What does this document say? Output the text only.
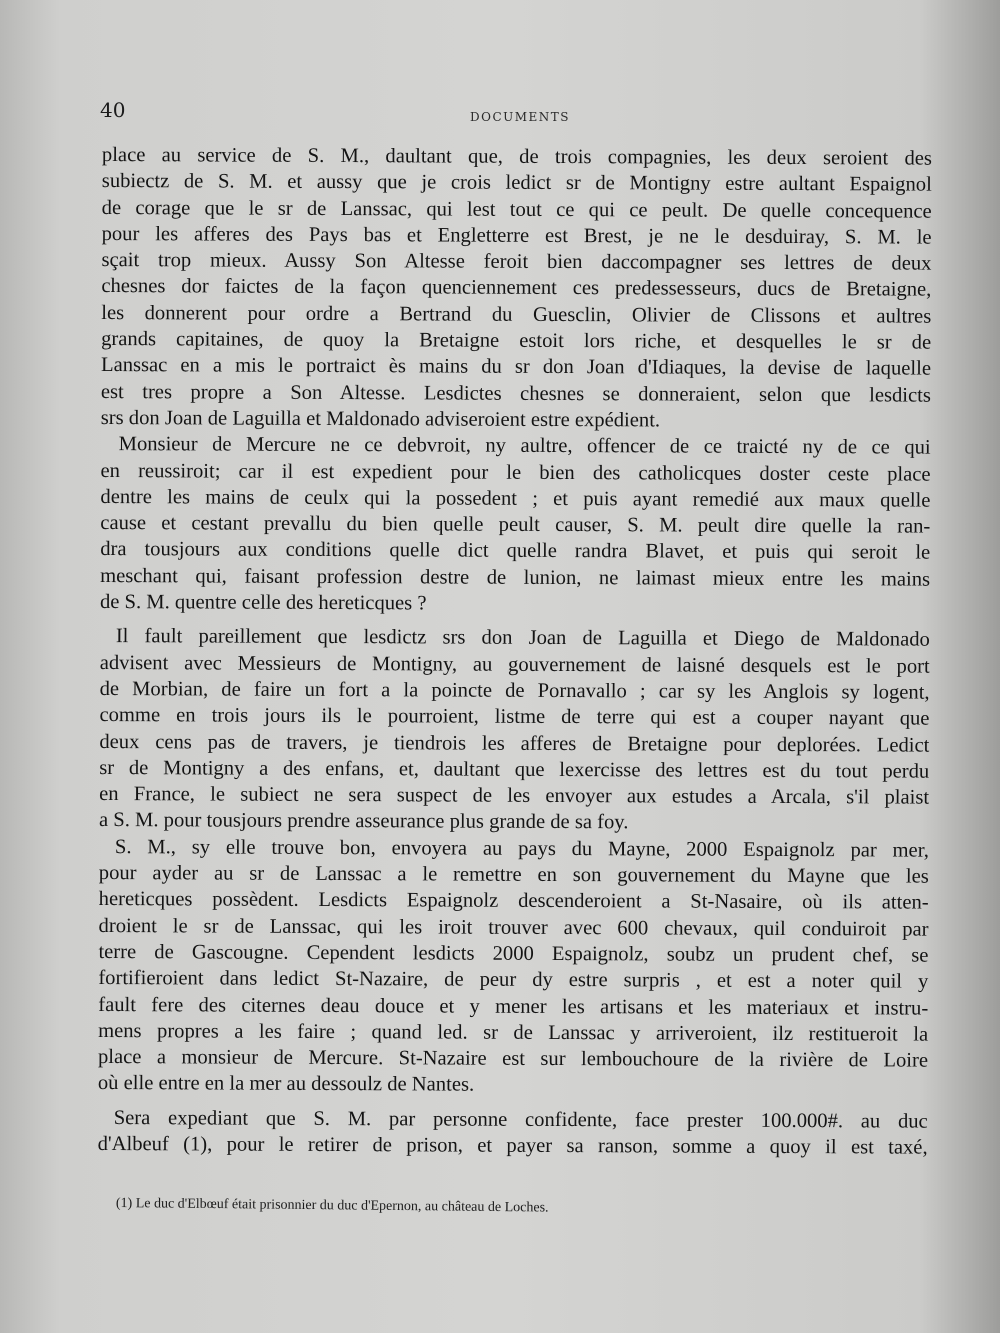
40	DOCUMENTS
place au service de S. M., daultant que, de trois compagnies, les deux seroient des
subiectz de S. M. et aussy que je crois ledict sr de Montigny estre aultant Espaignol
de corage que le sr de Lanssac, qui lest tout ce qui ce peult. De quelle concequence
pour les afferes des Pays bas et Engletterre est Brest, je ne le desduiray, S. M. le
sçait trop mieux. Aussy Son Altesse feroit bien daccompagner ses lettres de deux
chesnes dor faictes de la façon quenciennement ces predessesseurs, ducs de Bretaigne,
les donnerent pour ordre a Bertrand du Guesclin, Olivier de Clissons et aultres
grands capitaines, de quoy la Bretaigne estoit lors riche, et desquelles le sr de
Lanssac en a mis le portraict ès mains du sr don Joan d'Idiaques, la devise de laquelle
est tres propre a Son Altesse. Lesdictes chesnes se donneraient, selon que lesdicts
srs don Joan de Laguilla et Maldonado adviseroient estre expédient.
Monsieur de Mercure ne ce debvroit, ny aultre, offencer de ce traicté ny de ce qui
en reussiroit; car il est expedient pour le bien des catholicques doster ceste place
dentre les mains de ceulx qui la possedent ; et puis ayant remedié aux maux quelle
cause et cestant prevallu du bien quelle peult causer, S. M. peult dire quelle la ran-
dra tousjours aux conditions quelle dict quelle randra Blavet, et puis qui seroit le
meschant qui, faisant profession destre de lunion, ne laimast mieux entre les mains
de S. M. quentre celle des hereticques ?
Il fault pareillement que lesdictz srs don Joan de Laguilla et Diego de Maldonado
advisent avec Messieurs de Montigny, au gouvernement de laisné desquels est le port
de Morbian, de faire un fort a la poincte de Pornavallo ; car sy les Anglois sy logent,
comme en trois jours ils le pourroient, listme de terre qui est a couper nayant que
deux cens pas de travers, je tiendrois les afferes de Bretaigne pour deplorées. Ledict
sr de Montigny a des enfans, et, daultant que lexercisse des lettres est du tout perdu
en France, le subiect ne sera suspect de les envoyer aux estudes a Arcala, s'il plaist
a S. M. pour tousjours prendre asseurance plus grande de sa foy.
S. M., sy elle trouve bon, envoyera au pays du Mayne, 2000 Espaignolz par mer,
pour ayder au sr de Lanssac a le remettre en son gouvernement du Mayne que les
hereticques possèdent. Lesdicts Espaignolz descenderoient a St-Nasaire, où ils atten-
droient le sr de Lanssac, qui les iroit trouver avec 600 chevaux, quil conduiroit par
terre de Gascougne. Cependent lesdicts 2000 Espaignolz, soubz un prudent chef, se
fortifieroient dans ledict St-Nazaire, de peur dy estre surpris , et est a noter quil y
fault fere des citernes deau douce et y mener les artisans et les materiaux et instru-
mens propres a les faire ; quand led. sr de Lanssac y arriveroient, ilz restitueroit la
place a monsieur de Mercure. St-Nazaire est sur lembouchoure de la rivière de Loire
où elle entre en la mer au dessoulz de Nantes.
Sera expediant que S. M. par personne confidente, face prester 100.000#. au duc
d'Albeuf (1), pour le retirer de prison, et payer sa ranson, somme a quoy il est taxé,
(1) Le duc d'Elbœuf était prisonnier du duc d'Epernon, au château de Loches.
